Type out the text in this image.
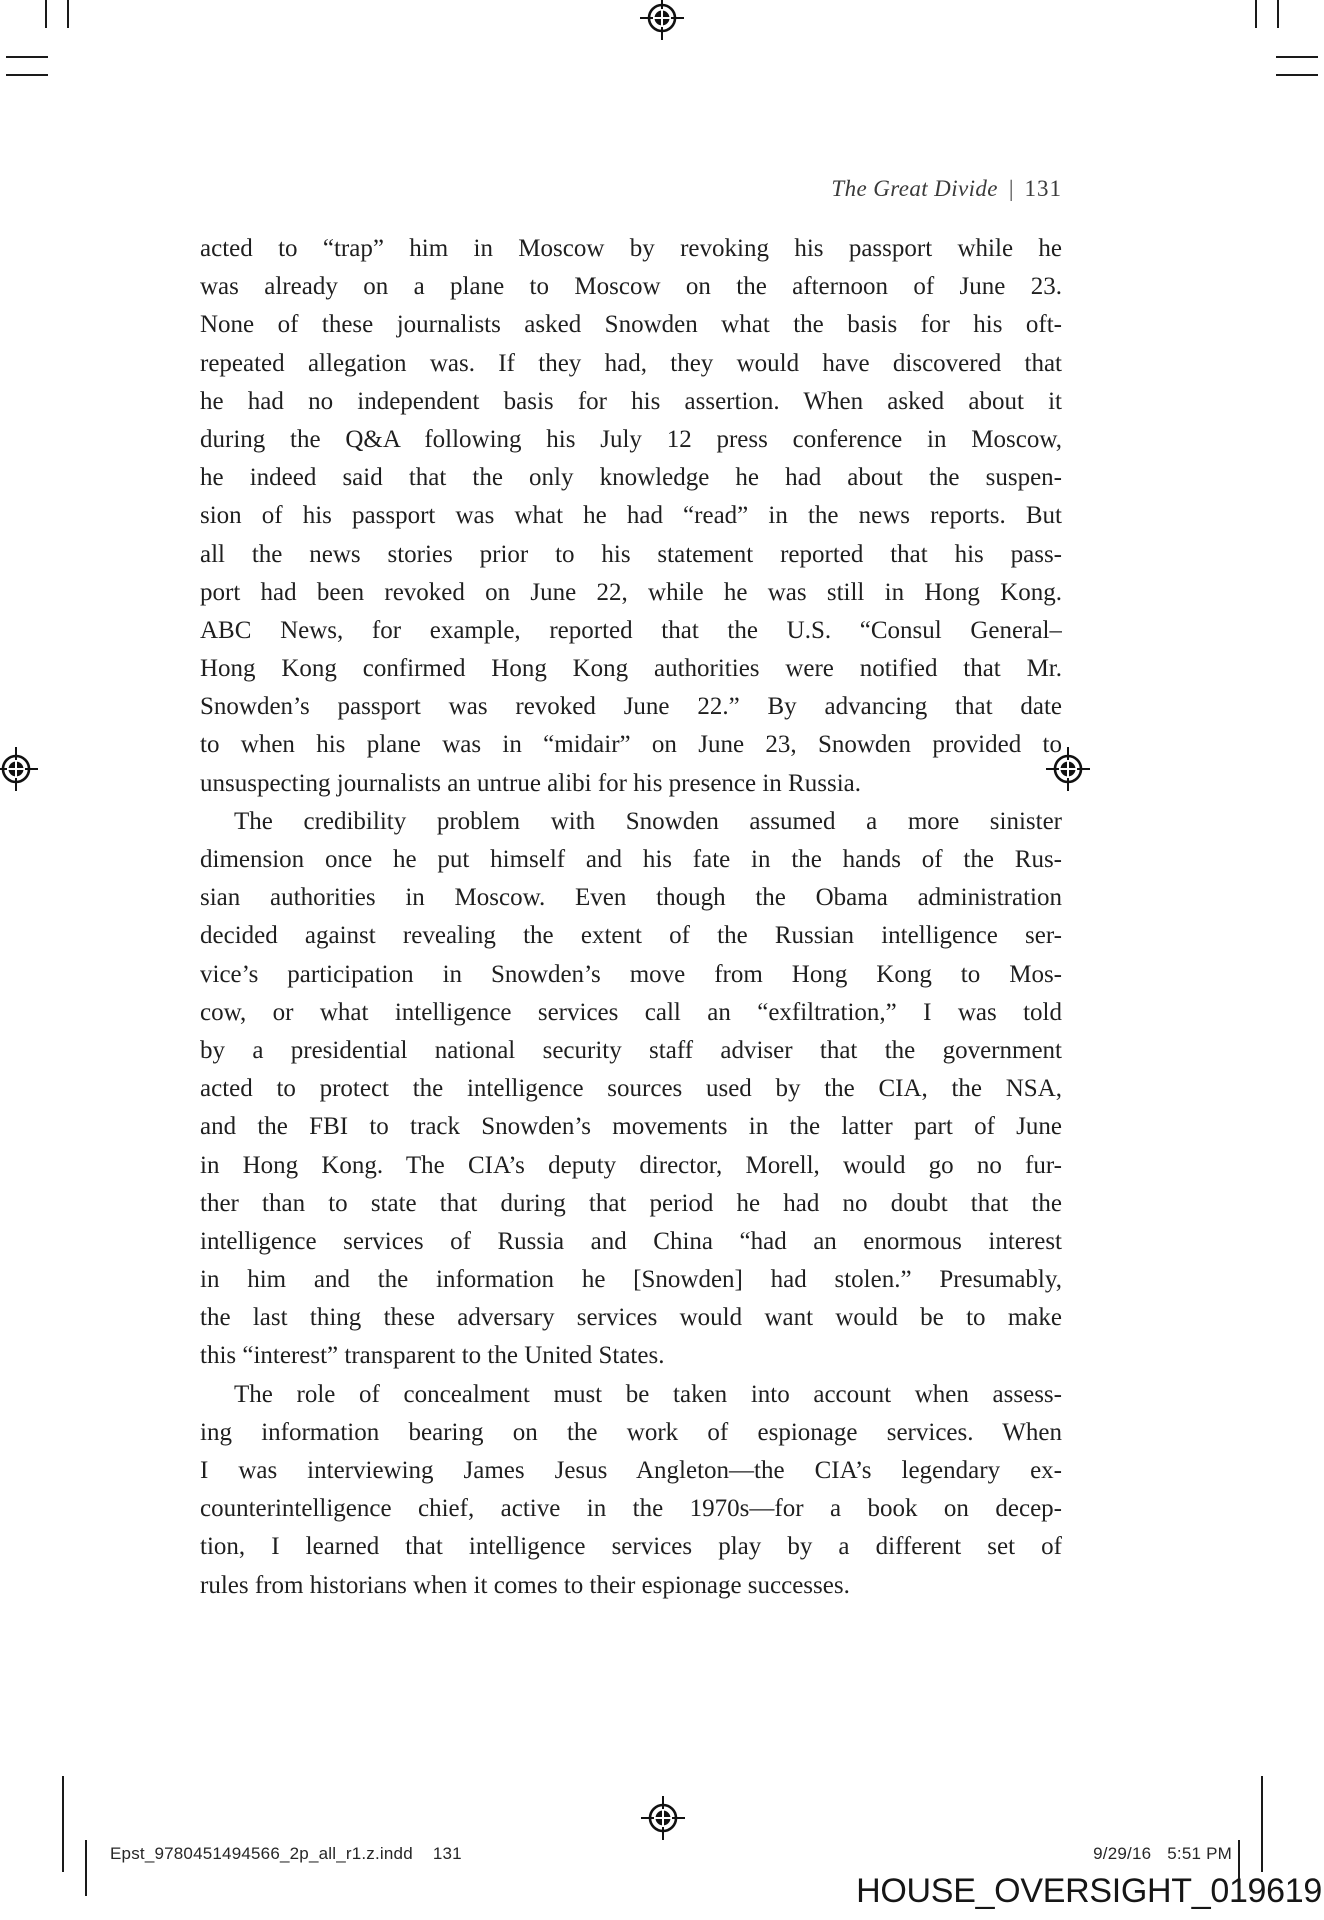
The Great Divide | 131
acted to “trap” him in Moscow by revoking his passport while he
was already on a plane to Moscow on the afternoon of June 23.
None of these journalists asked Snowden what the basis for his oft-
repeated allegation was. If they had, they would have discovered that
he had no independent basis for his assertion. When asked about it
during the Q&A following his July 12 press conference in Moscow,
he indeed said that the only knowledge he had about the suspen-
sion of his passport was what he had “read” in the news reports. But
all the news stories prior to his statement reported that his pass-
port had been revoked on June 22, while he was still in Hong Kong.
ABC News, for example, reported that the U.S. “Consul General–
Hong Kong confirmed Hong Kong authorities were notified that Mr.
Snowden’s passport was revoked June 22.” By advancing that date
to when his plane was in “midair” on June 23, Snowden provided to
unsuspecting journalists an untrue alibi for his presence in Russia.
The credibility problem with Snowden assumed a more sinister
dimension once he put himself and his fate in the hands of the Rus-
sian authorities in Moscow. Even though the Obama administration
decided against revealing the extent of the Russian intelligence ser-
vice’s participation in Snowden’s move from Hong Kong to Mos-
cow, or what intelligence services call an “exfiltration,” I was told
by a presidential national security staff adviser that the government
acted to protect the intelligence sources used by the CIA, the NSA,
and the FBI to track Snowden’s movements in the latter part of June
in Hong Kong. The CIA’s deputy director, Morell, would go no fur-
ther than to state that during that period he had no doubt that the
intelligence services of Russia and China “had an enormous interest
in him and the information he [Snowden] had stolen.” Presumably,
the last thing these adversary services would want would be to make
this “interest” transparent to the United States.
The role of concealment must be taken into account when assess-
ing information bearing on the work of espionage services. When
I was interviewing James Jesus Angleton—the CIA’s legendary ex-
counterintelligence chief, active in the 1970s—for a book on decep-
tion, I learned that intelligence services play by a different set of
rules from historians when it comes to their espionage successes.
Epst_9780451494566_2p_all_r1.z.indd 131	9/29/16 5:51 PM
HOUSE_OVERSIGHT_019619
